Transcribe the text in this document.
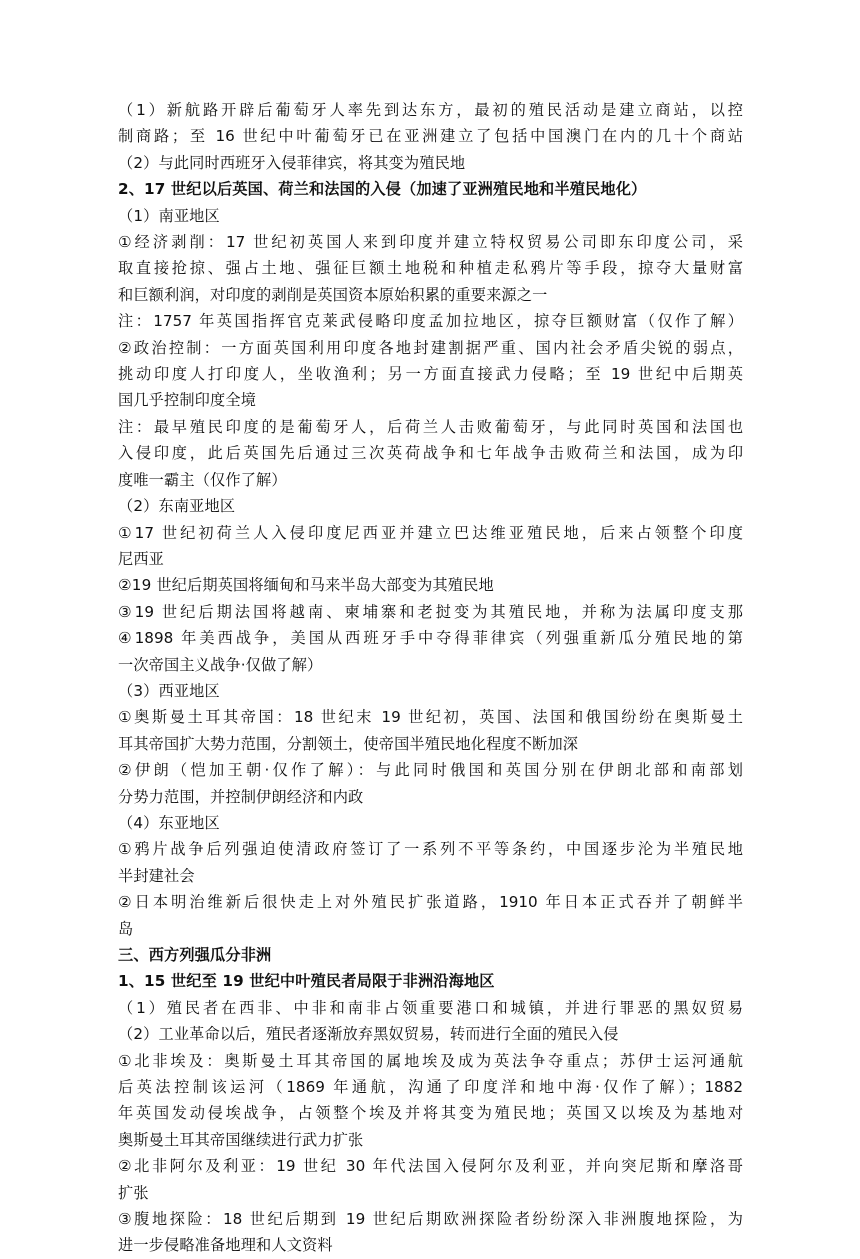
（1）新航路开辟后葡萄牙人率先到达东方，最初的殖民活动是建立商站，以控
制商路；至 16 世纪中叶葡萄牙已在亚洲建立了包括中国澳门在内的几十个商站
（2）与此同时西班牙入侵菲律宾，将其变为殖民地
2、17 世纪以后英国、荷兰和法国的入侵（加速了亚洲殖民地和半殖民地化）
（1）南亚地区
①经济剥削：17 世纪初英国人来到印度并建立特权贸易公司即东印度公司，采
取直接抢掠、强占土地、强征巨额土地税和种植走私鸦片等手段，掠夺大量财富
和巨额利润，对印度的剥削是英国资本原始积累的重要来源之一
注：1757 年英国指挥官克莱武侵略印度孟加拉地区，掠夺巨额财富（仅作了解）
②政治控制：一方面英国利用印度各地封建割据严重、国内社会矛盾尖锐的弱点，
挑动印度人打印度人，坐收渔利；另一方面直接武力侵略；至 19 世纪中后期英
国几乎控制印度全境
注：最早殖民印度的是葡萄牙人，后荷兰人击败葡萄牙，与此同时英国和法国也
入侵印度，此后英国先后通过三次英荷战争和七年战争击败荷兰和法国，成为印
度唯一霸主（仅作了解）
（2）东南亚地区
①17 世纪初荷兰人入侵印度尼西亚并建立巴达维亚殖民地，后来占领整个印度
尼西亚
②19 世纪后期英国将缅甸和马来半岛大部变为其殖民地
③19 世纪后期法国将越南、柬埔寨和老挝变为其殖民地，并称为法属印度支那
④1898 年美西战争，美国从西班牙手中夺得菲律宾（列强重新瓜分殖民地的第
一次帝国主义战争·仅做了解）
（3）西亚地区
①奥斯曼土耳其帝国：18 世纪末 19 世纪初，英国、法国和俄国纷纷在奥斯曼土
耳其帝国扩大势力范围，分割领土，使帝国半殖民地化程度不断加深
②伊朗（恺加王朝·仅作了解）：与此同时俄国和英国分别在伊朗北部和南部划
分势力范围，并控制伊朗经济和内政
（4）东亚地区
①鸦片战争后列强迫使清政府签订了一系列不平等条约，中国逐步沦为半殖民地
半封建社会
②日本明治维新后很快走上对外殖民扩张道路，1910 年日本正式吞并了朝鲜半
岛
三、西方列强瓜分非洲
1、15 世纪至 19 世纪中叶殖民者局限于非洲沿海地区
（1）殖民者在西非、中非和南非占领重要港口和城镇，并进行罪恶的黑奴贸易
（2）工业革命以后，殖民者逐渐放弃黑奴贸易，转而进行全面的殖民入侵
①北非埃及：奥斯曼土耳其帝国的属地埃及成为英法争夺重点；苏伊士运河通航
后英法控制该运河（1869 年通航，沟通了印度洋和地中海·仅作了解）；1882
年英国发动侵埃战争，占领整个埃及并将其变为殖民地；英国又以埃及为基地对
奥斯曼土耳其帝国继续进行武力扩张
②北非阿尔及利亚：19 世纪 30 年代法国入侵阿尔及利亚，并向突尼斯和摩洛哥
扩张
③腹地探险：18 世纪后期到 19 世纪后期欧洲探险者纷纷深入非洲腹地探险，为
进一步侵略准备地理和人文资料
